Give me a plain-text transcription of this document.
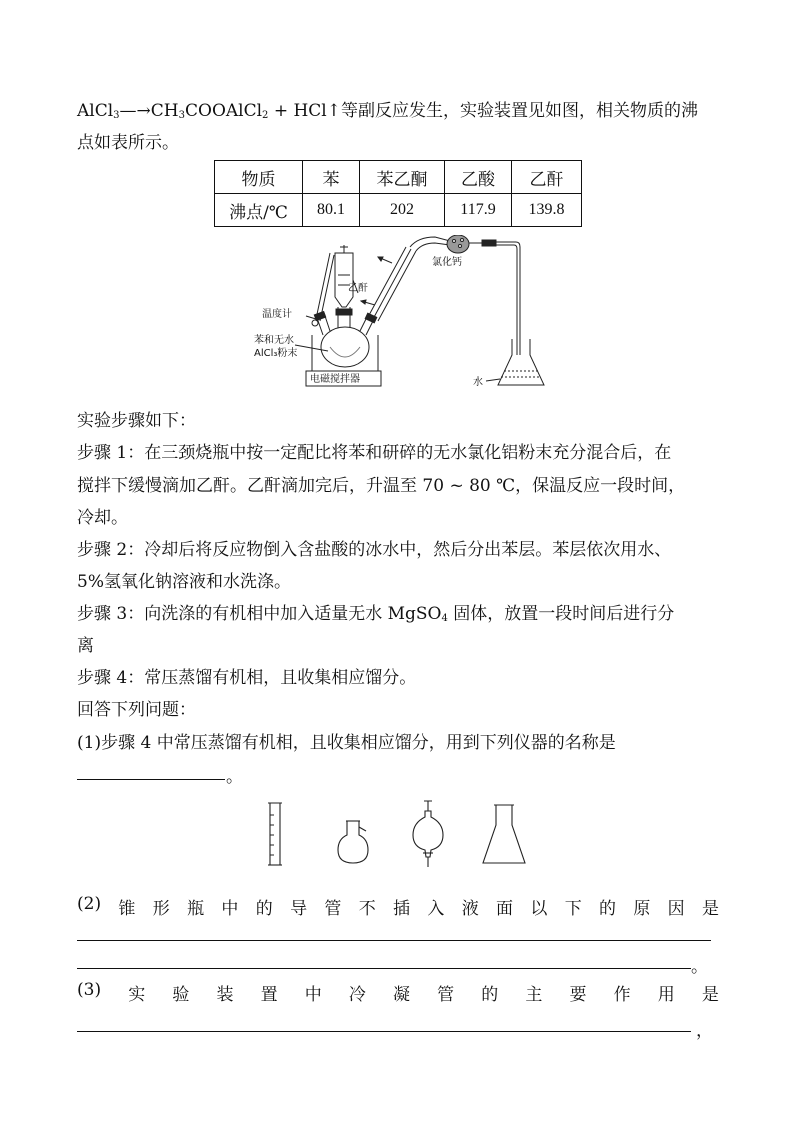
$AlCl_3—\to CH_3COOAlCl_2$ + HCl↑等副反应发生，实验装置见如图，相关物质的沸
点如表所示。
物质	苯	苯乙酮	乙酸	乙酐
沸点/℃	80.1	202	117.9	139.8
乙酐
温度计
苯和无水
AlCl₃粉末
电磁搅拌器
氯化钙
水
实验步骤如下：
步骤 1：在三颈烧瓶中按一定配比将苯和研碎的无水氯化铝粉末充分混合后，在
搅拌下缓慢滴加乙酐。乙酐滴加完后，升温至 70 ~ 80 ℃，保温反应一段时间，
冷却。
步骤 2：冷却后将反应物倒入含盐酸的冰水中，然后分出苯层。苯层依次用水、
5%氢氧化钠溶液和水洗涤。
步骤 3：向洗涤的有机相中加入适量无水 MgSO$_4$ 固体，放置一段时间后进行分
离
步骤 4：常压蒸馏有机相，且收集相应馏分。
回答下列问题：
(1)步骤 4 中常压蒸馏有机相，且收集相应馏分，用到下列仪器的名称是
。
(2) 锥 形 瓶 中 的 导 管 不 插 入 液 面 以 下 的 原 因 是
。
(3) 实 验 装 置 中 冷 凝 管 的 主 要 作 用 是
，
